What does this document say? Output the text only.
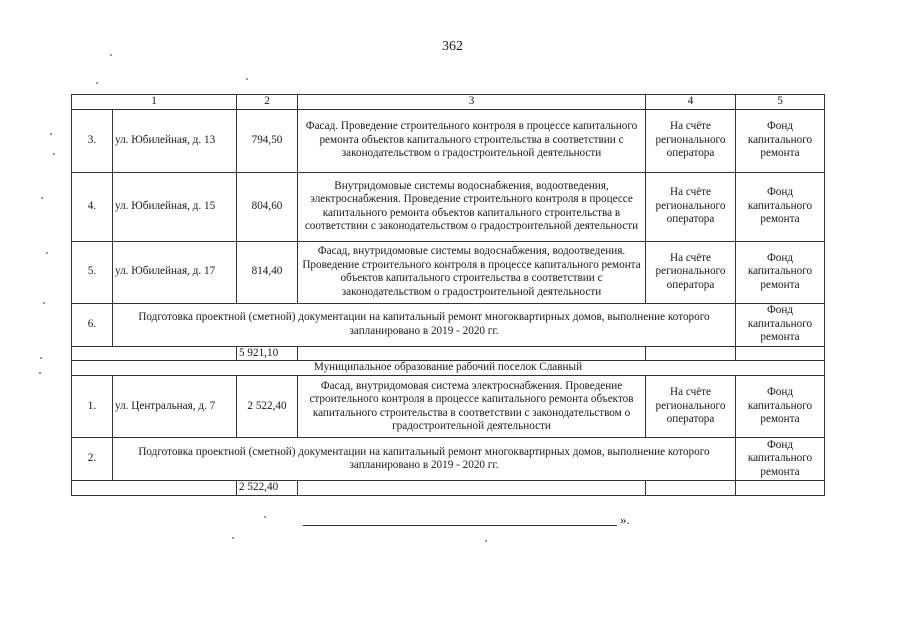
362
1		2	3	4	5
3.	ул. Юбилейная, д. 13	794,50	Фасад. Проведение строительного контроля в процессе капитального ремонта объектов капитального строительства в соответствии с законодательством о градостроительной деятельности	На счёте регионального оператора	Фонд капитального ремонта
4.	ул. Юбилейная, д. 15	804,60	Внутридомовые системы водоснабжения, водоотведения, электроснабжения. Проведение строительного контроля в процессе капитального ремонта объектов капитального строительства в соответствии с законодательством о градостроительной деятельности	На счёте регионального оператора	Фонд капитального ремонта
5.	ул. Юбилейная, д. 17	814,40	Фасад, внутридомовые системы водоснабжения, водоотведения. Проведение строительного контроля в процессе капитального ремонта объектов капитального строительства в соответствии с законодательством о градостроительной деятельности	На счёте регионального оператора	Фонд капитального ремонта
6.	Подготовка проектной (сметной) документации на капитальный ремонт многоквартирных домов, выполнение которого запланировано в 2019 - 2020 гг.				Фонд капитального ремонта
		5 921,10			
Муниципальное образование рабочий поселок Славный					
1.	ул. Центральная, д. 7	2 522,40	Фасад, внутридомовая система электроснабжения. Проведение строительного контроля в процессе капитального ремонта объектов капитального строительства в соответствии с законодательством о градостроительной деятельности	На счёте регионального оператора	Фонд капитального ремонта
2.	Подготовка проектной (сметной) документации на капитальный ремонт многоквартирных домов, выполнение которого запланировано в 2019 - 2020 гг.				Фонд капитального ремонта
		2 522,40			
».
